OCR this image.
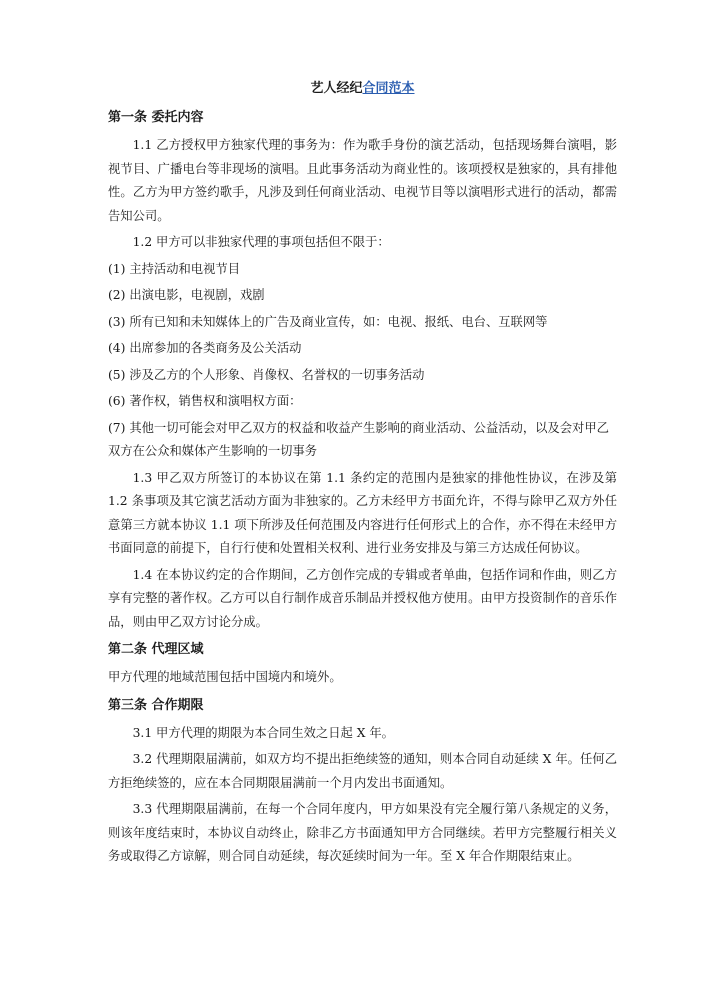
艺人经纪合同范本
第一条 委托内容

1.1 乙方授权甲方独家代理的事务为：作为歌手身份的演艺活动，包括现场舞台演唱，影视节目、广播电台等非现场的演唱。且此事务活动为商业性的。该项授权是独家的，具有排他性。乙方为甲方签约歌手，凡涉及到任何商业活动、电视节目等以演唱形式进行的活动，都需告知公司。

1.2 甲方可以非独家代理的事项包括但不限于：

(1) 主持活动和电视节目

(2) 出演电影，电视剧，戏剧

(3) 所有已知和未知媒体上的广告及商业宣传，如：电视、报纸、电台、互联网等

(4) 出席参加的各类商务及公关活动

(5) 涉及乙方的个人形象、肖像权、名誉权的一切事务活动

(6) 著作权，销售权和演唱权方面：

(7) 其他一切可能会对甲乙双方的权益和收益产生影响的商业活动、公益活动，以及会对甲乙双方在公众和媒体产生影响的一切事务

1.3 甲乙双方所签订的本协议在第 1.1 条约定的范围内是独家的排他性协议，在涉及第 1.2 条事项及其它演艺活动方面为非独家的。乙方未经甲方书面允许，不得与除甲乙双方外任意第三方就本协议 1.1 项下所涉及任何范围及内容进行任何形式上的合作，亦不得在未经甲方书面同意的前提下，自行行使和处置相关权利、进行业务安排及与第三方达成任何协议。

1.4 在本协议约定的合作期间，乙方创作完成的专辑或者单曲，包括作词和作曲，则乙方享有完整的著作权。乙方可以自行制作成音乐制品并授权他方使用。由甲方投资制作的音乐作品，则由甲乙双方讨论分成。

第二条 代理区域

甲方代理的地域范围包括中国境内和境外。

第三条 合作期限

3.1 甲方代理的期限为本合同生效之日起 X 年。

3.2 代理期限届满前，如双方均不提出拒绝续签的通知，则本合同自动延续 X 年。任何乙方拒绝续签的，应在本合同期限届满前一个月内发出书面通知。

3.3 代理期限届满前，在每一个合同年度内，甲方如果没有完全履行第八条规定的义务，则该年度结束时，本协议自动终止，除非乙方书面通知甲方合同继续。若甲方完整履行相关义务或取得乙方谅解，则合同自动延续，每次延续时间为一年。至 X 年合作期限结束止。
